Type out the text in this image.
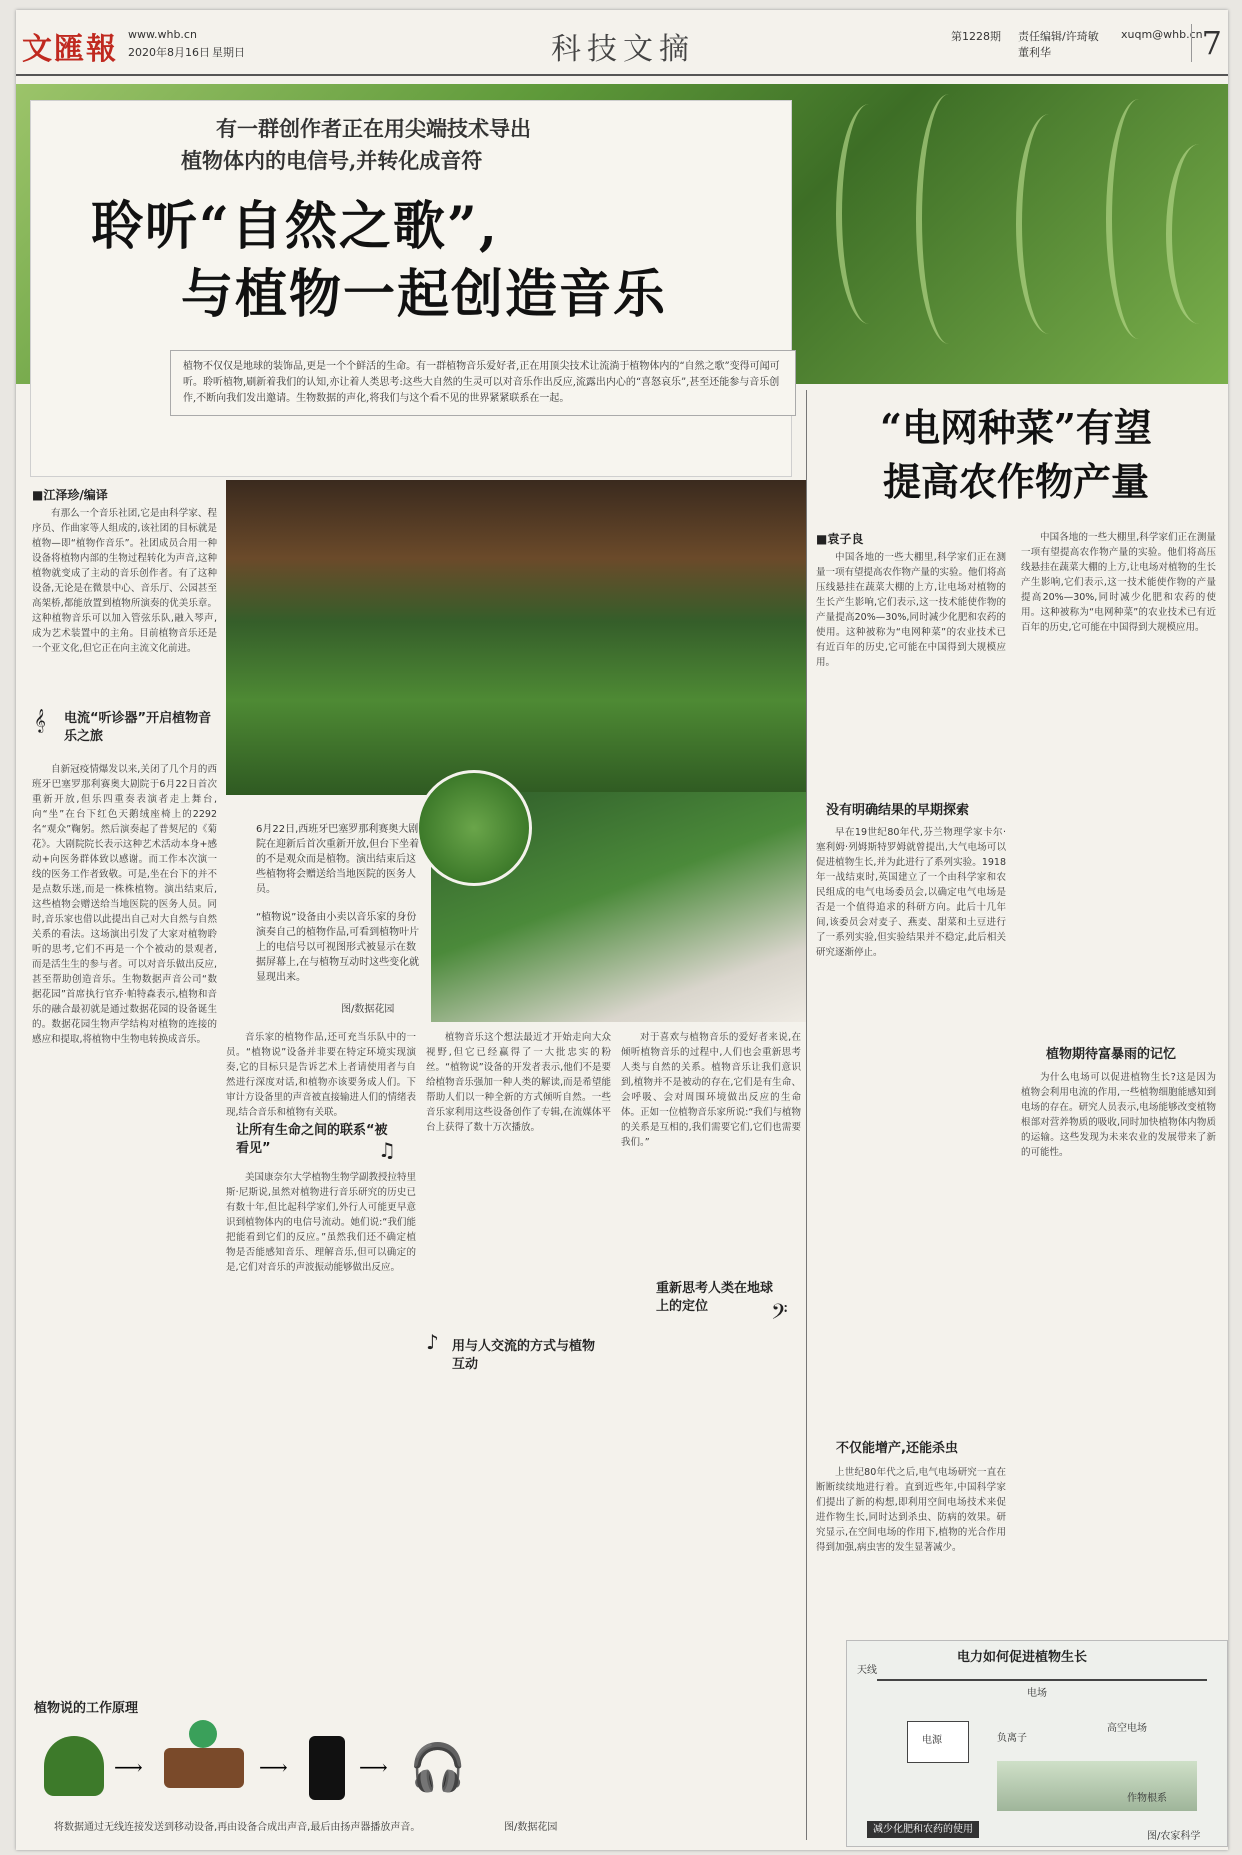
文匯報 www.whb.cn
2020年8月16日 星期日	科技文摘	第1228期 责任编辑/许琦敏 xuqm@whb.cn
董利华	7
有一群创作者正在用尖端技术导出
植物体内的电信号,并转化成音符
聆听“自然之歌”,
与植物一起创造音乐
植物不仅仅是地球的装饰品,更是一个个鲜活的生命。有一群植物音乐爱好者,正在用顶尖技术让流淌于植物体内的“自然之歌”变得可闻可听。聆听植物,刷新着我们的认知,亦让着人类思考:这些大自然的生灵可以对音乐作出反应,流露出内心的“喜怒哀乐”,甚至还能参与音乐创作,不断向我们发出邀请。生物数据的声化,将我们与这个看不见的世界紧紧联系在一起。
“电网种菜”有望
提高农作物产量
■江泽珍/编译

有那么一个音乐社团,它是由科学家、程序员、作曲家等人组成的,该社团的目标就是植物—即“植物作音乐”。社团成员合用一种设备将植物内部的生物过程转化为声音,这种植物就变成了主动的音乐创作者。有了这种设备,无论是在微景中心、音乐厅、公园甚至高架桥,都能放置到植物所演奏的优美乐章。这种植物音乐可以加入管弦乐队,融入琴声,成为艺术装置中的主角。目前植物音乐还是一个亚文化,但它正在向主流文化前进。

𝄞 电流“听诊器”开启植物音乐之旅

自新冠疫情爆发以来,关闭了几个月的西班牙巴塞罗那利赛奥大剧院于6月22日首次重新开放,但乐四重奏表演者走上舞台,向“坐”在台下红色天鹅绒座椅上的2292名“观众”鞠躬。然后演奏起了普契尼的《菊花》。大剧院院长表示这种艺术活动本身+感动+向医务群体致以感谢。而工作本次演一线的医务工作者致敬。可是,坐在台下的并不是点数乐迷,而是一株株植物。演出结束后,这些植物会赠送给当地医院的医务人员。同时,音乐家也借以此提出自己对大自然与自然关系的看法。这场演出引发了大家对植物聆听的思考,它们不再是一个个被动的景观者,而是活生生的参与者。可以对音乐做出反应,甚至帮助创造音乐。生物数据声音公司“数据花园”首席执行官乔·帕特森表示,植物和音乐的融合最初就是通过数据花园的设备诞生的。数据花园生物声学结构对植物的连接的感应和提取,将植物中生物电转换成音乐。

6月22日,西班牙巴塞罗那利赛奥大剧院在迎新后首次重新开放,但台下坐着的不是观众而是植物。演出结束后这些植物将会赠送给当地医院的医务人员。
“植物说”设备由小卖以音乐家的身份演奏自己的植物作品,可看到植物叶片上的电信号以可视图形式被显示在数据屏幕上,在与植物互动时这些变化就显现出来。
图/数据花园

音乐家的植物作品,还可充当乐队中的一员。“植物说”设备并非要在特定环境实现演奏,它的目标只是告诉艺术上者请使用者与自然进行深度对话,和植物亦该要务成人们。下审计方设备里的声音被直接输进人们的情绪表现,结合音乐和植物有关联。

让所有生命之间的联系“被看见”	♫

美国康奈尔大学植物生物学副教授拉特里斯·尼斯说,虽然对植物进行音乐研究的历史已有数十年,但比起科学家们,外行人可能更早意识到植物体内的电信号流动。她们说:“我们能把能看到它们的反应。”虽然我们还不确定植物是否能感知音乐、理解音乐,但可以确定的是,它们对音乐的声波振动能够做出反应。

♪ 用与人交流的方式与植物互动

植物音乐这个想法最近才开始走向大众视野,但它已经赢得了一大批忠实的粉丝。“植物说”设备的开发者表示,他们不是要给植物音乐强加一种人类的解读,而是希望能帮助人们以一种全新的方式倾听自然。一些音乐家利用这些设备创作了专辑,在流媒体平台上获得了数十万次播放。

对于喜欢与植物音乐的爱好者来说,在倾听植物音乐的过程中,人们也会重新思考人类与自然的关系。植物音乐让我们意识到,植物并不是被动的存在,它们是有生命、会呼吸、会对周围环境做出反应的生命体。正如一位植物音乐家所说:“我们与植物的关系是互相的,我们需要它们,它们也需要我们。”

重新思考人类在地球上的定位	𝄢
植物说的工作原理
⟶	⟶	⟶ 🎧
将数据通过无线连接发送到移动设备,再由设备合成出声音,最后由扬声器播放声音。	图/数据花园
■袁子良

中国各地的一些大棚里,科学家们正在测量一项有望提高农作物产量的实验。他们将高压线悬挂在蔬菜大棚的上方,让电场对植物的生长产生影响,它们表示,这一技术能使作物的产量提高20%—30%,同时减少化肥和农药的使用。这种被称为“电网种菜”的农业技术已有近百年的历史,它可能在中国得到大规模应用。

没有明确结果的早期探索

早在19世纪80年代,芬兰物理学家卡尔·塞利姆·列姆斯特罗姆就曾提出,大气电场可以促进植物生长,并为此进行了系列实验。1918年一战结束时,英国建立了一个由科学家和农民组成的电气电场委员会,以确定电气电场是否是一个值得追求的科研方向。此后十几年间,该委员会对麦子、燕麦、甜菜和土豆进行了一系列实验,但实验结果并不稳定,此后相关研究逐渐停止。

不仅能增产,还能杀虫

上世纪80年代之后,电气电场研究一直在断断续续地进行着。直到近些年,中国科学家们提出了新的构想,即利用空间电场技术来促进作物生长,同时达到杀虫、防病的效果。研究显示,在空间电场的作用下,植物的光合作用得到加强,病虫害的发生显著减少。

植物期待富暴雨的记忆

中国各地的一些大棚里,科学家们正在测量一项有望提高农作物产量的实验。他们将高压线悬挂在蔬菜大棚的上方,让电场对植物的生长产生影响,它们表示,这一技术能使作物的产量提高20%—30%,同时减少化肥和农药的使用。这种被称为“电网种菜”的农业技术已有近百年的历史,它可能在中国得到大规模应用。

为什么电场可以促进植物生长?这是因为植物会利用电流的作用,一些植物细胞能感知到电场的存在。研究人员表示,电场能够改变植物根部对营养物质的吸收,同时加快植物体内物质的运输。这些发现为未来农业的发展带来了新的可能性。

电力如何促进植物生长
天线
电场
电源	负离子
高空电场
作物根系
减少化肥和农药的使用
图/农家科学
